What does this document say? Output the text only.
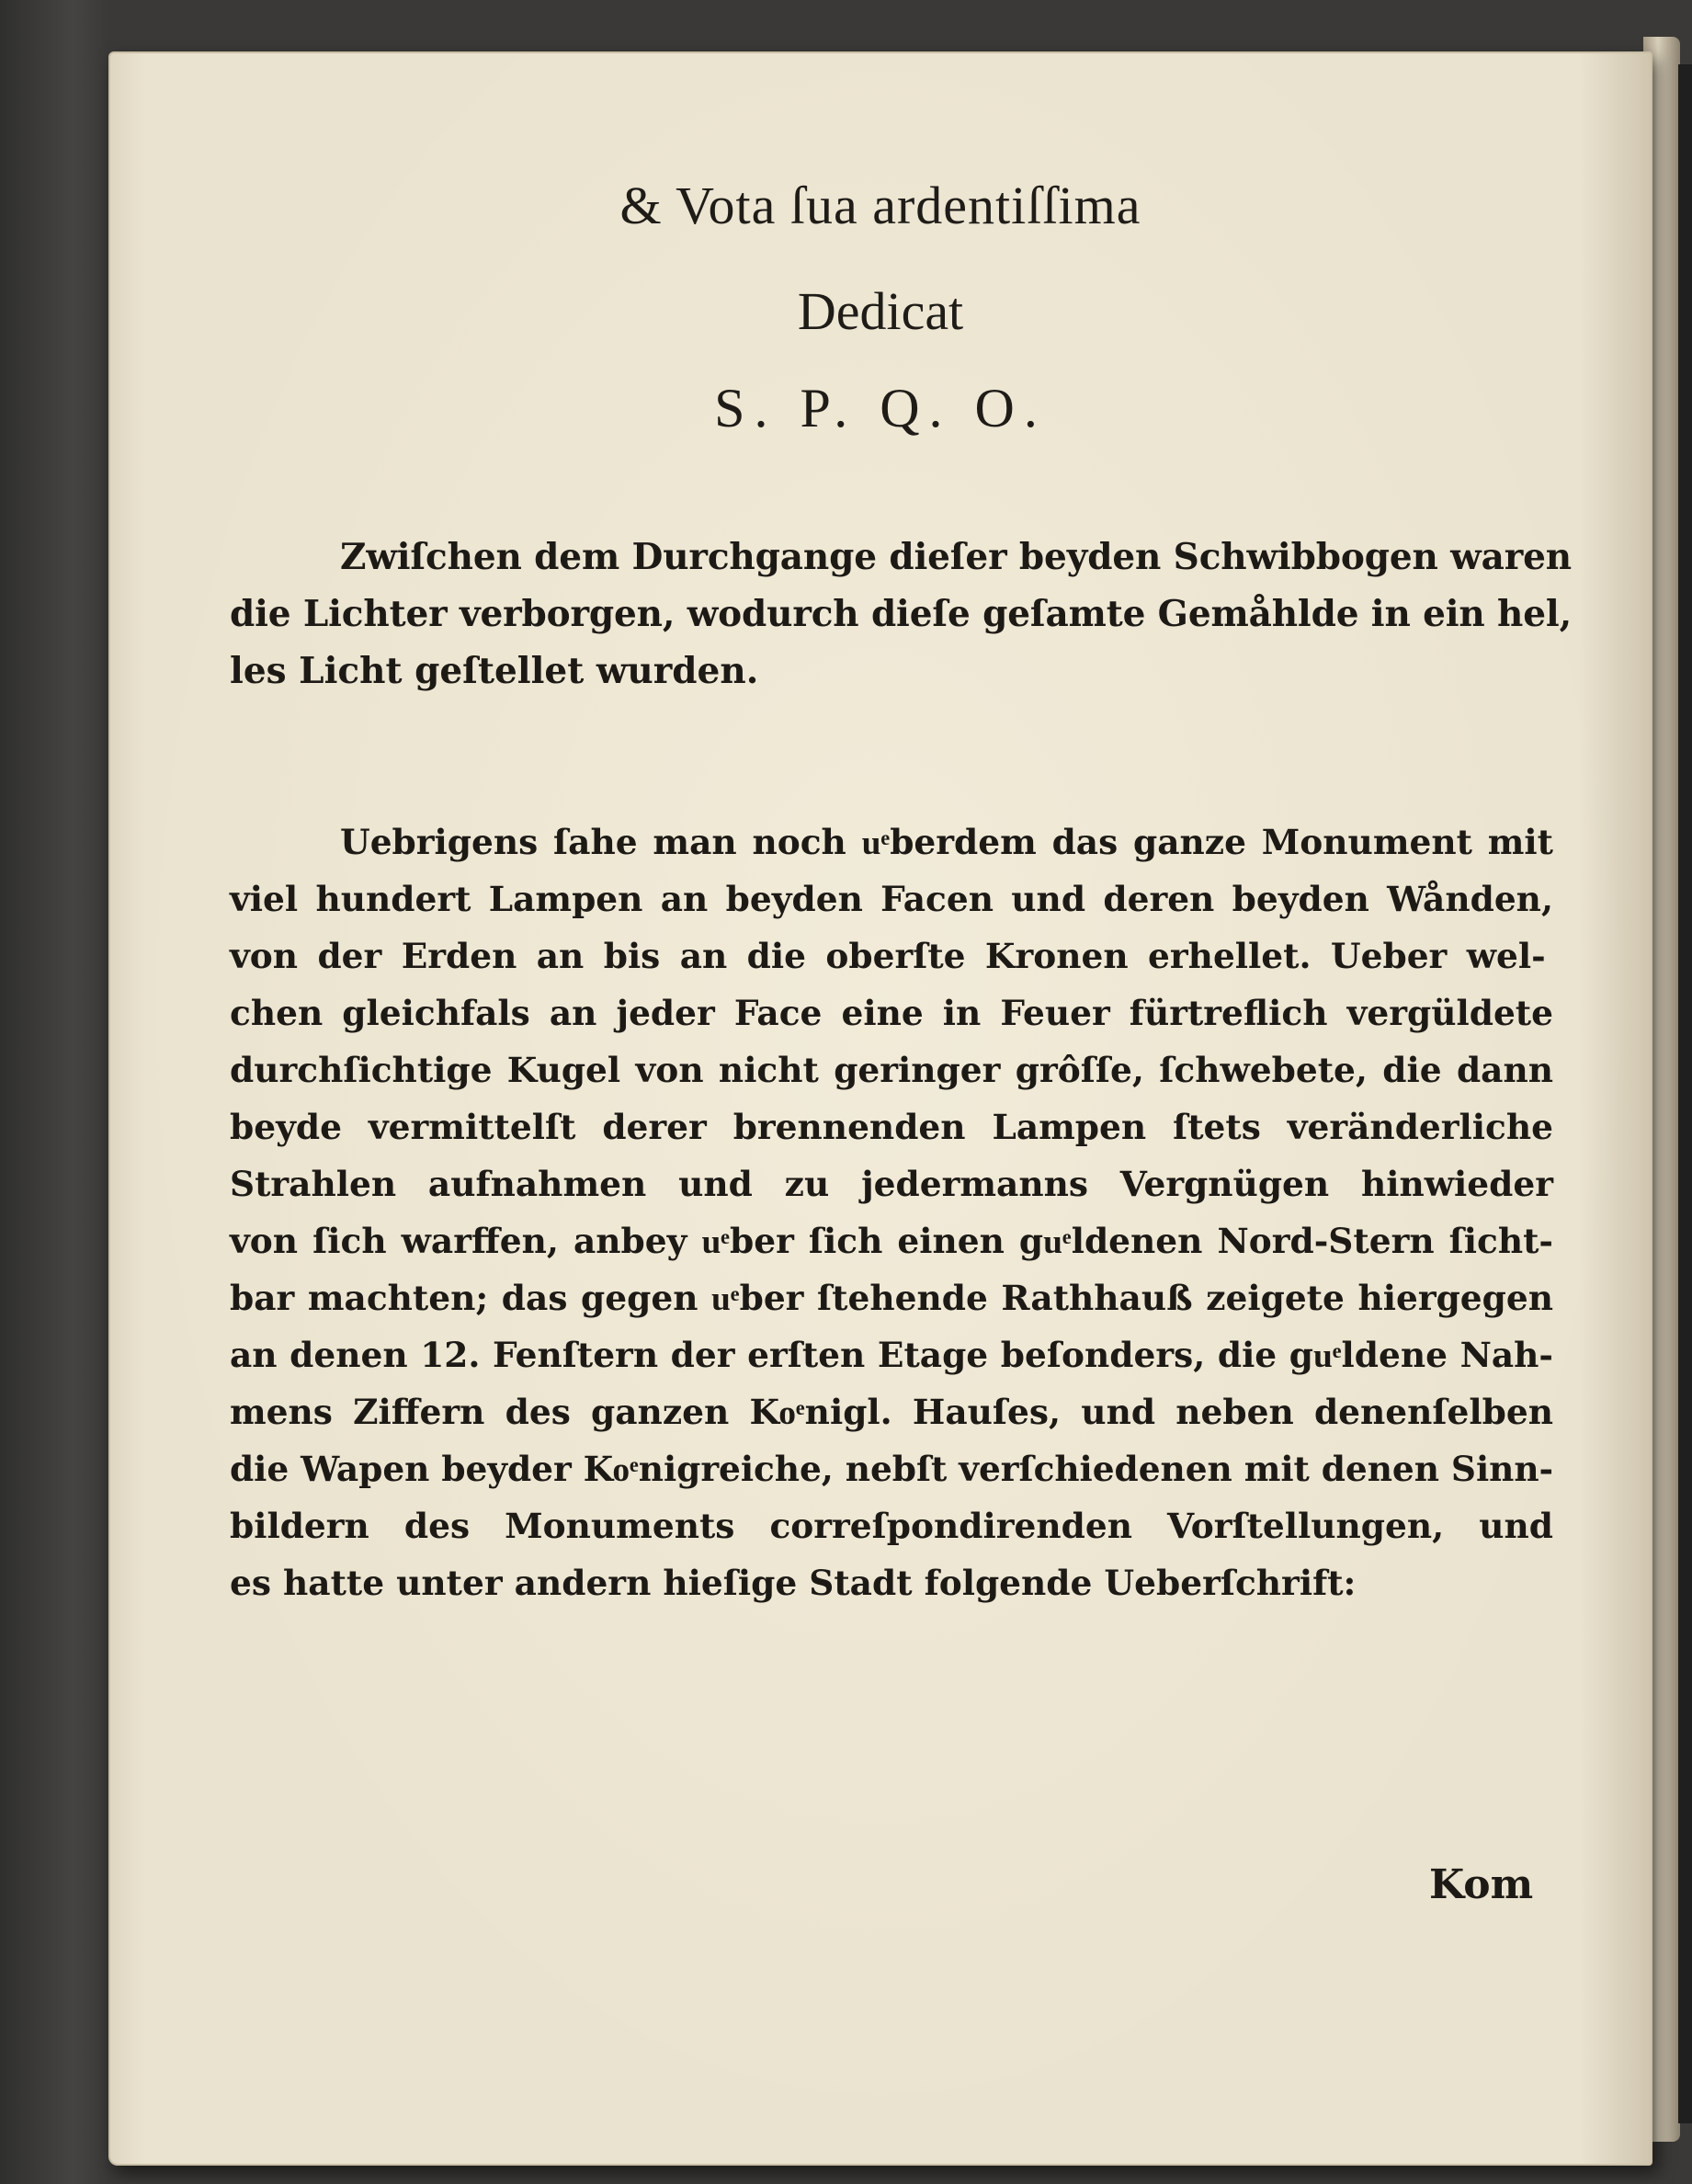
& Vota ſua ardentiſſima

Dedicat

S. P. Q. O.

Zwiſchen dem Durchgange dieſer beyden Schwibbogen waren
die Lichter verborgen, wodurch dieſe geſamte Gemåhlde in ein hel,
les Licht geſtellet wurden.
Uebrigens ſahe man noch uͤberdem das ganze Monument mit
viel hundert Lampen an beyden Facen und deren beyden Wånden,
von der Erden an bis an die oberſte Kronen erhellet. Ueber wel-
chen gleichfals an jeder Face eine in Feuer fürtreflich vergüldete
durchſichtige Kugel von nicht geringer grôſſe, ſchwebete, die dann
beyde vermittelſt derer brennenden Lampen ſtets veränderliche
Strahlen aufnahmen und zu jedermanns Vergnügen hinwieder
von ſich warffen, anbey uͤber ſich einen guͤldenen Nord-Stern ſicht-
bar machten; das gegen uͤber ſtehende Rathhauß zeigete hiergegen
an denen 12. Fenſtern der erſten Etage beſonders, die guͤldene Nah-
mens Ziffern des ganzen Koͤnigl. Hauſes, und neben denenſelben
die Wapen beyder Koͤnigreiche, nebſt verſchiedenen mit denen Sinn-
bildern des Monuments correſpondirenden Vorſtellungen, und
es hatte unter andern hieſige Stadt folgende Ueberſchrift:
Kom
